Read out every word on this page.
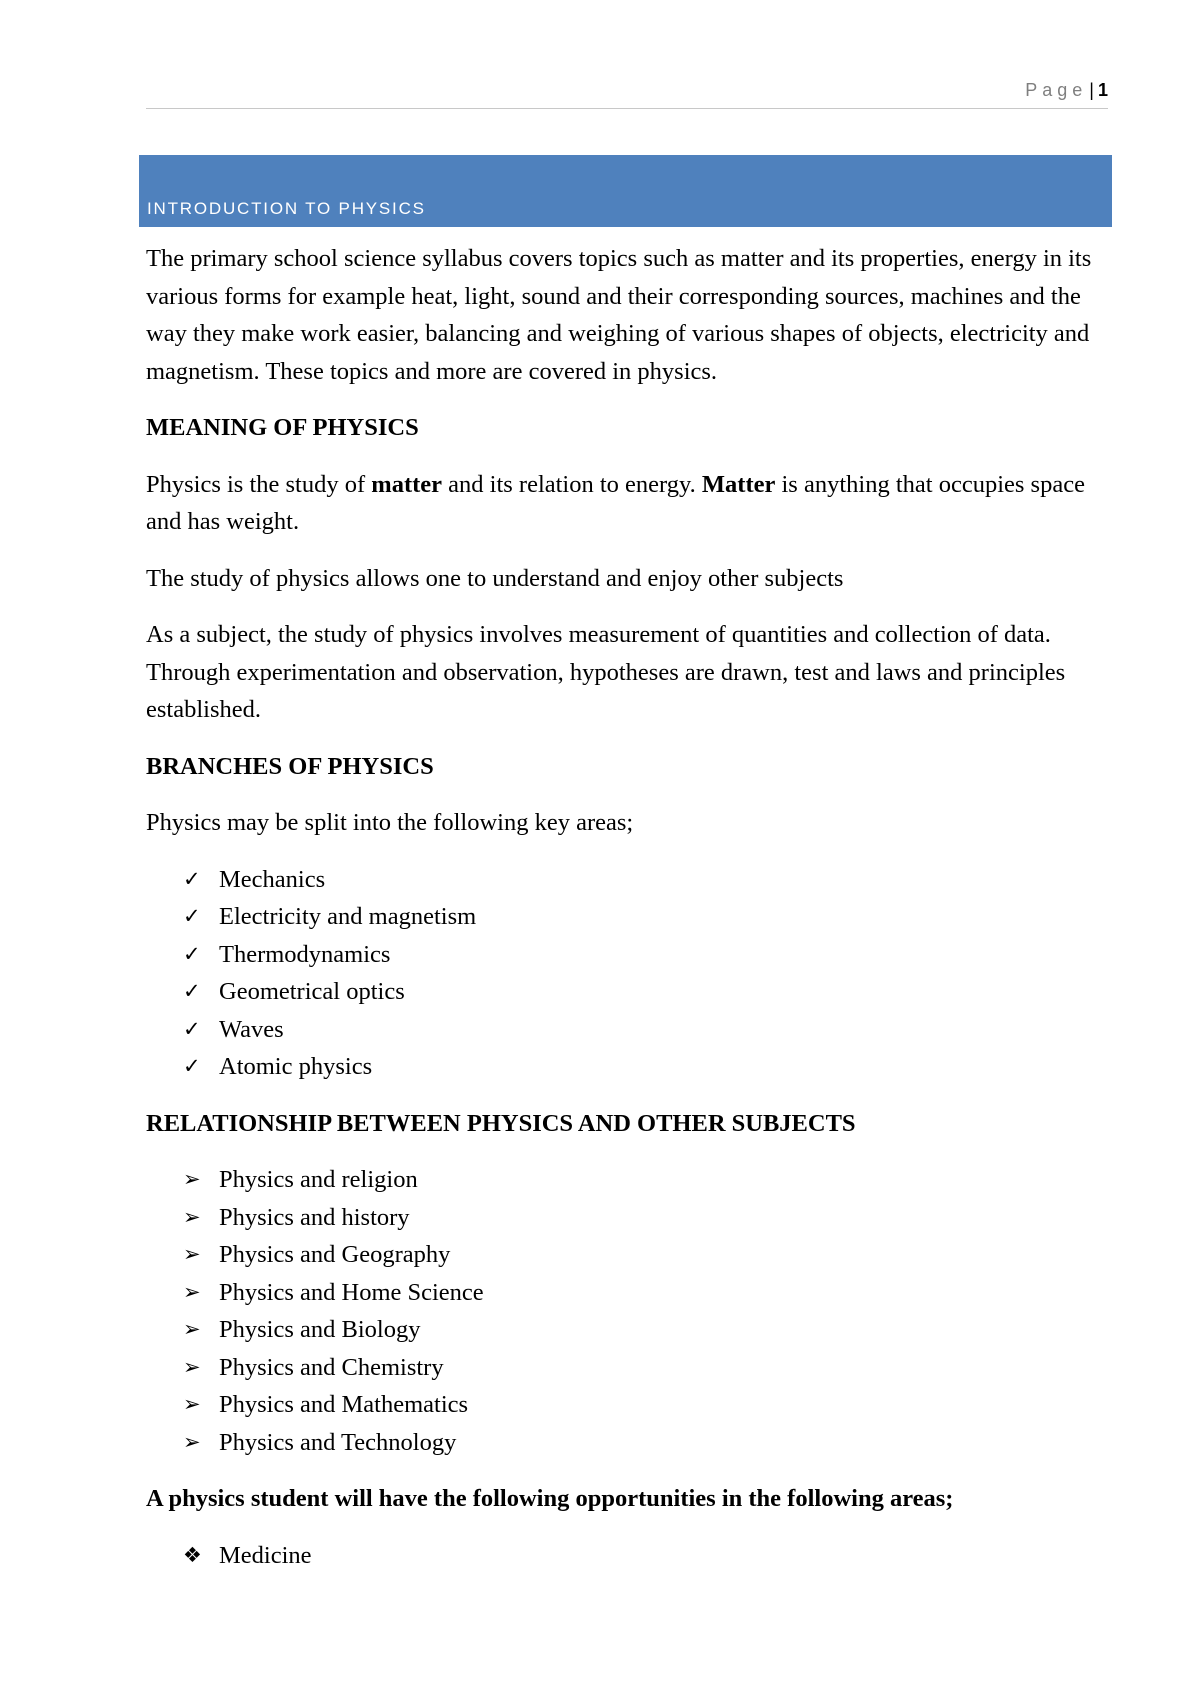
Page | 1
INTRODUCTION TO PHYSICS

The primary school science syllabus covers topics such as matter and its properties, energy in its various forms for example heat, light, sound and their corresponding sources, machines and the way they make work easier, balancing and weighing of various shapes of objects, electricity and magnetism. These topics and more are covered in physics.

MEANING OF PHYSICS

Physics is the study of matter and its relation to energy. Matter is anything that occupies space and has weight.

The study of physics allows one to understand and enjoy other subjects

As a subject, the study of physics involves measurement of quantities and collection of data. Through experimentation and observation, hypotheses are drawn, test and laws and principles established.

BRANCHES OF PHYSICS

Physics may be split into the following key areas;

✓ Mechanics
✓ Electricity and magnetism
✓ Thermodynamics
✓ Geometrical optics
✓ Waves
✓ Atomic physics
RELATIONSHIP BETWEEN PHYSICS AND OTHER SUBJECTS
➢ Physics and religion
➢ Physics and history
➢ Physics and Geography
➢ Physics and Home Science
➢ Physics and Biology
➢ Physics and Chemistry
➢ Physics and Mathematics
➢ Physics and Technology
A physics student will have the following opportunities in the following areas;
❖ Medicine
